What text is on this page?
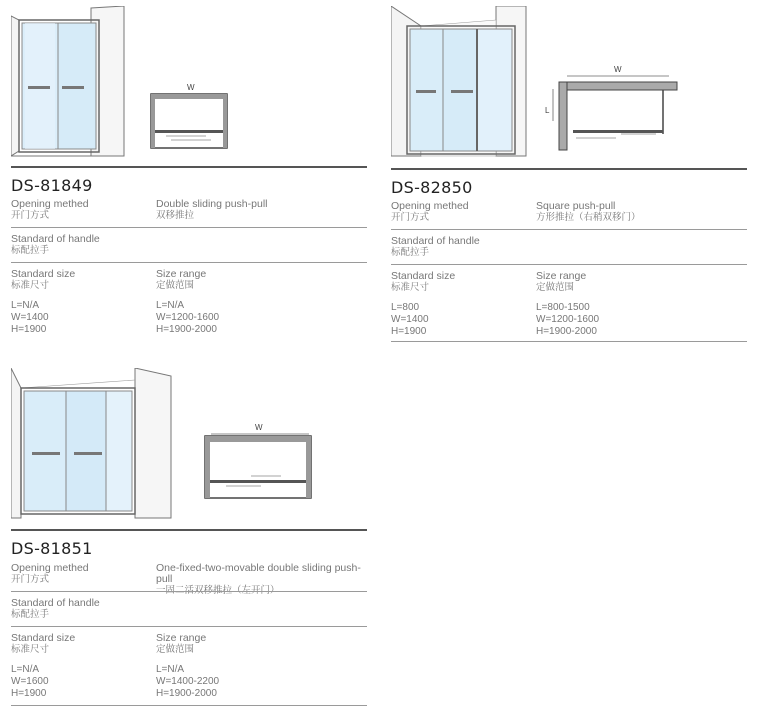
W
DS-81849
Opening methed
开门方式
Double sliding push-pull
双移推拉
Standard of handle
标配拉手
Standard size
标准尺寸
L=N/A
W=1400
H=1900
Size range
定做范围
L=N/A
W=1200-1600
H=1900-2000
W
L
DS-82850
Opening methed
开门方式
Square push-pull
方形推拉（右稍双移门）
Standard of handle
标配拉手
Standard size
标准尺寸
L=800
W=1400
H=1900
Size range
定做范围
L=800-1500
W=1200-1600
H=1900-2000
W
DS-81851
Opening methed
开门方式
One-fixed-two-movable double sliding push-pull
Standard of handle
标配拉手
Standard size
标准尺寸
L=N/A
W=1600
H=1900
Size range
定做范围
L=N/A
W=1400-2200
H=1900-2000
